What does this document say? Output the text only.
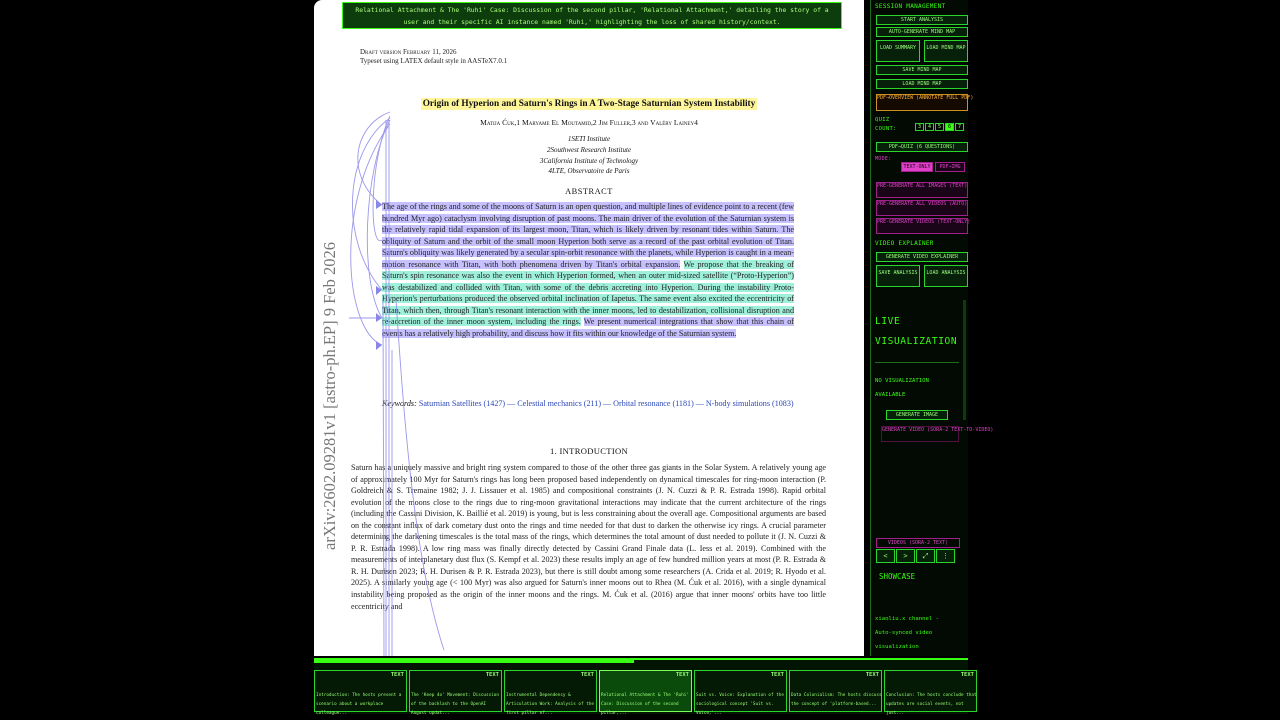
Relational Attachment & The 'Ruhi' Case: Discussion of the second pillar, 'Relational Attachment,' detailing the story of a user and their specific AI instance named 'Ruhi,' highlighting the loss of shared history/context.
Draft version February 11, 2026
Typeset using LATEX default style in AASTeX7.0.1
arXiv:2602.09281v1 [astro-ph.EP] 9 Feb 2026
Origin of Hyperion and Saturn's Rings in A Two-Stage Saturnian System Instability
Matija Ćuk,1 Maryame El Moutamid,2 Jim Fuller,3 and Valéry Lainey4
1SETI Institute
2Southwest Research Institute
3California Institute of Technology
4LTE, Observatoire de Paris
ABSTRACT
The age of the rings and some of the moons of Saturn is an open question, and multiple lines of evidence point to a recent (few hundred Myr ago) cataclysm involving disruption of past moons. The main driver of the evolution of the Saturnian system is the relatively rapid tidal expansion of its largest moon, Titan, which is likely driven by resonant tides within Saturn. The obliquity of Saturn and the orbit of the small moon Hyperion both serve as a record of the past orbital evolution of Titan. Saturn's obliquity was likely generated by a secular spin-orbit resonance with the planets, while Hyperion is caught in a mean-motion resonance with Titan, with both phenomena driven by Titan's orbital expansion. We propose that the breaking of Saturn's spin resonance was also the event in which Hyperion formed, when an outer mid-sized satellite (“Proto-Hyperion”) was destabilized and collided with Titan, with some of the debris accreting into Hyperion. During the instability Proto-Hyperion's perturbations produced the observed orbital inclination of Iapetus. The same event also excited the eccentricity of Titan, which then, through Titan's resonant interaction with the inner moons, led to destabilization, collisional disruption and re-accretion of the inner moon system, including the rings. We present numerical integrations that show that this chain of events has a relatively high probability, and discuss how it fits within our knowledge of the Saturnian system.
Keywords: Saturnian Satellites (1427) — Celestial mechanics (211) — Orbital resonance (1181) — N-body simulations (1083)
1. INTRODUCTION
Saturn has a uniquely massive and bright ring system compared to those of the other three gas giants in the Solar System. A relatively young age of approximately 100 Myr for Saturn's rings has long been proposed based independently on dynamical timescales for ring-moon interaction (P. Goldreich & S. Tremaine 1982; J. J. Lissauer et al. 1985) and compositional constraints (J. N. Cuzzi & P. R. Estrada 1998). Rapid orbital evolution of the moons close to the rings due to ring-moon gravitational interactions may indicate that the current architecture of the rings (including the Cassini Division, K. Baillié et al. 2019) is young, but is less constraining about the overall age. Compositional arguments are based on the constant influx of dark cometary dust onto the rings and time needed for that dust to darken the otherwise icy rings. A crucial parameter determining the darkening timescales is the total mass of the rings, which determines the total amount of dust needed to pollute it (J. N. Cuzzi & P. R. Estrada 1998). A low ring mass was finally directly detected by Cassini Grand Finale data (L. Iess et al. 2019). Combined with the measurements of interplanetary dust flux (S. Kempf et al. 2023) these results imply an age of few hundred million years at most (P. R. Estrada & R. H. Durisen 2023; R. H. Durisen & P. R. Estrada 2023), but there is still doubt among some researchers (A. Crida et al. 2019; R. Hyodo et al. 2025). A similarly young age (< 100 Myr) was also argued for Saturn's inner moons out to Rhea (M. Ćuk et al. 2016), with a single dynamical instability being proposed as the origin of the inner moons and the rings. M. Ćuk et al. (2016) argue that inner moons' orbits have too little eccentricity and
SESSION MANAGEMENT
START ANALYSIS
AUTO-GENERATE MIND MAP
LOAD SUMMARY	LOAD MIND MAP
SAVE MIND MAP
LOAD MIND MAP
PDF→OVERVIEW (ANNOTATE FULL PDF)
QUIZ COUNT:	3 4 5 6 7
PDF→QUIZ (6 QUESTIONS)
MODE:
TEXT-ONLY	PDF→IMG
PRE-GENERATE ALL IMAGES (TEXT)
PRE-GENERATE ALL VIDEOS (AUTO)
PRE-GENERATE VIDEOS (TEXT-ONLY)
VIDEO EXPLAINER
GENERATE VIDEO EXPLAINER
SAVE ANALYSIS	LOAD ANALYSIS
LIVE VISUALIZATION
NO VISUALIZATION AVAILABLE
GENERATE IMAGE
GENERATE VIDEO (SORA-2 TEXT-TO-VIDEO)
VIDEOS (SORA-2 TEXT)
< > ⤢ ⋮
SHOWCASE
xiaoliu.x channel -
Auto-synced video
visualization
TEXT
Introduction: The hosts present a scenario about a workplace colleague...
TEXT
The 'Keep 4o' Movement: Discussion of the backlash to the OpenAI August updat...
TEXT
Instrumental Dependency & Articulation Work: Analysis of the first pillar of...
TEXT
Relational Attachment & The 'Ruhi' Case: Discussion of the second pillar,...
TEXT
Suit vs. Voice: Explanation of the sociological concept 'Suit vs. Voice,'...
TEXT
Data Colonialism: The hosts discuss the concept of 'platform-based...
TEXT
Conclusion: The hosts conclude that updates are social events, not just...
